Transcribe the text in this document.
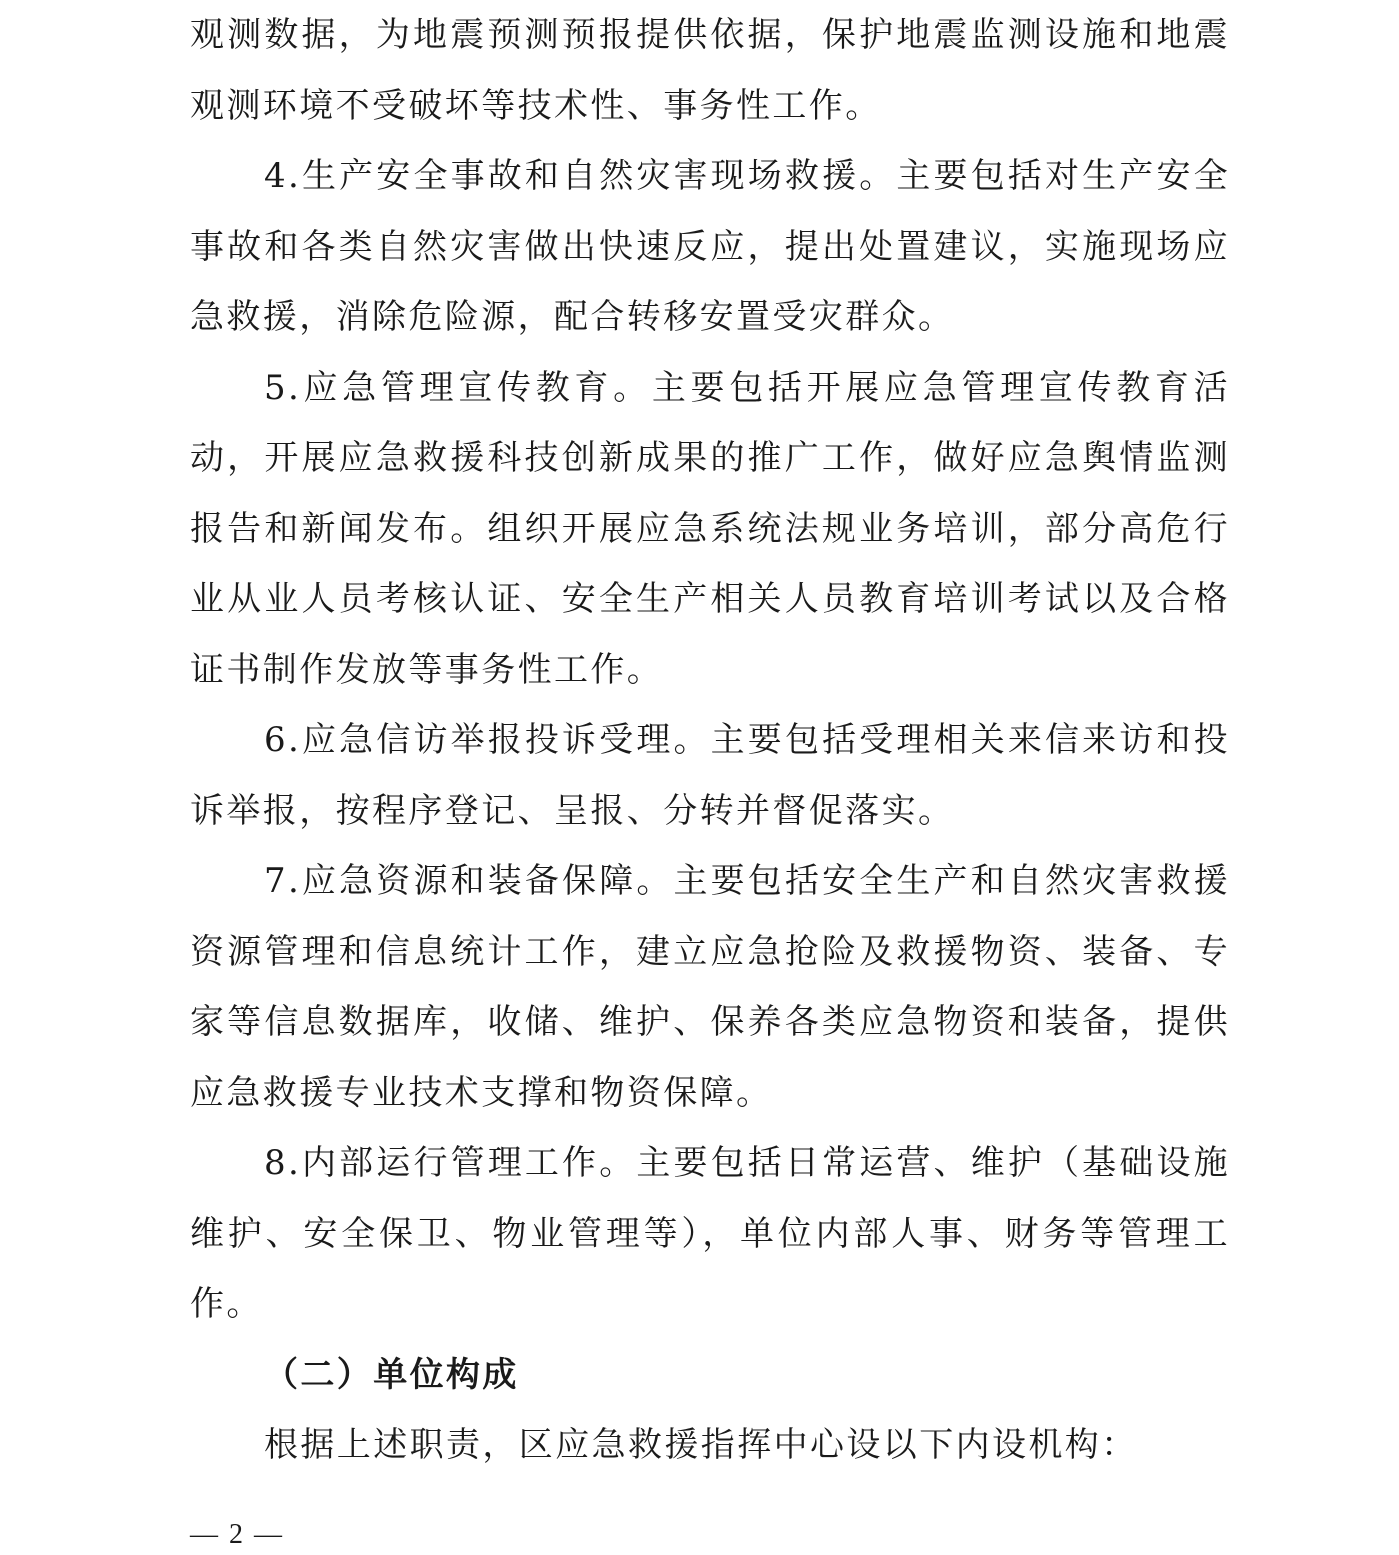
观测数据，为地震预测预报提供依据，保护地震监测设施和地震观测环境不受破坏等技术性、事务性工作。

4.生产安全事故和自然灾害现场救援。主要包括对生产安全事故和各类自然灾害做出快速反应，提出处置建议，实施现场应急救援，消除危险源，配合转移安置受灾群众。

5.应急管理宣传教育。主要包括开展应急管理宣传教育活动，开展应急救援科技创新成果的推广工作，做好应急舆情监测报告和新闻发布。组织开展应急系统法规业务培训，部分高危行业从业人员考核认证、安全生产相关人员教育培训考试以及合格证书制作发放等事务性工作。

6.应急信访举报投诉受理。主要包括受理相关来信来访和投诉举报，按程序登记、呈报、分转并督促落实。

7.应急资源和装备保障。主要包括安全生产和自然灾害救援资源管理和信息统计工作，建立应急抢险及救援物资、装备、专家等信息数据库，收储、维护、保养各类应急物资和装备，提供应急救援专业技术支撑和物资保障。

8.内部运行管理工作。主要包括日常运营、维护（基础设施维护、安全保卫、物业管理等），单位内部人事、财务等管理工作。

（二）单位构成

根据上述职责，区应急救援指挥中心设以下内设机构：

— 2 —
